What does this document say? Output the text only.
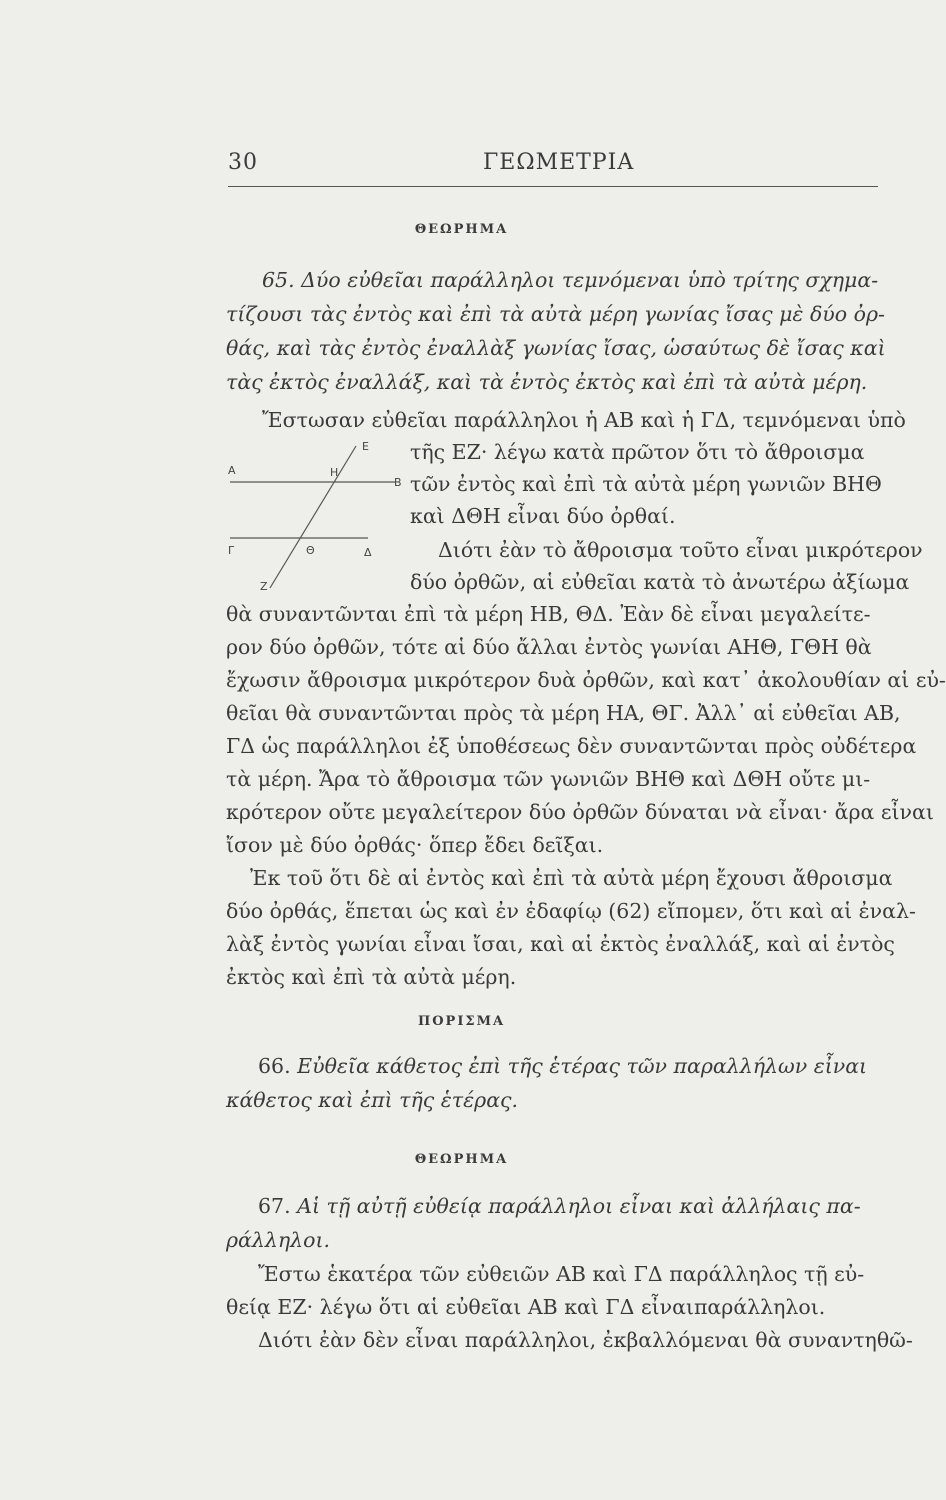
30	ΓΕΩΜΕΤΡΙΑ
ΘΕΩΡΗΜΑ
65. Δύο εὐθεῖαι παράλληλοι τεμνόμεναι ὑπὸ τρίτης σχημα-
τίζουσι τὰς ἐντὸς καὶ ἐπὶ τὰ αὐτὰ μέρη γωνίας ἴσας μὲ δύο ὀρ-
θάς, καὶ τὰς ἐντὸς ἐναλλὰξ γωνίας ἴσας, ὡσαύτως δὲ ἴσας καὶ
τὰς ἐκτὸς ἐναλλάξ, καὶ τὰ ἐντὸς ἐκτὸς καὶ ἐπὶ τὰ αὐτὰ μέρη.
Ἔστωσαν εὐθεῖαι παράλληλοι ἡ ΑΒ καὶ ἡ ΓΔ, τεμνόμεναι ὑπὸ
τῆς ΕΖ· λέγω κατὰ πρῶτον ὅτι τὸ ἄθροισμα
τῶν ἐντὸς καὶ ἐπὶ τὰ αὐτὰ μέρη γωνιῶν ΒΗΘ
καὶ ΔΘΗ εἶναι δύο ὀρθαί.
Διότι ἐὰν τὸ ἄθροισμα τοῦτο εἶναι μικρότερον
δύο ὀρθῶν, αἱ εὐθεῖαι κατὰ τὸ ἀνωτέρω ἀξίωμα
θὰ συναντῶνται ἐπὶ τὰ μέρη ΗΒ, ΘΔ. Ἐὰν δὲ εἶναι μεγαλείτε-
ρον δύο ὀρθῶν, τότε αἱ δύο ἄλλαι ἐντὸς γωνίαι ΑΗΘ, ΓΘΗ θὰ
ἔχωσιν ἄθροισμα μικρότερον δυὰ ὀρθῶν, καὶ κατ᾽ ἀκολουθίαν αἱ εὐ-
θεῖαι θὰ συναντῶνται πρὸς τὰ μέρη ΗΑ, ΘΓ. Ἀλλ᾽ αἱ εὐθεῖαι ΑΒ,
ΓΔ ὡς παράλληλοι ἐξ ὑποθέσεως δὲν συναντῶνται πρὸς οὐδέτερα
τὰ μέρη. Ἄρα τὸ ἄθροισμα τῶν γωνιῶν ΒΗΘ καὶ ΔΘΗ οὔτε μι-
κρότερον οὔτε μεγαλείτερον δύο ὀρθῶν δύναται νὰ εἶναι· ἄρα εἶναι
ἴσον μὲ δύο ὀρθάς· ὅπερ ἔδει δεῖξαι.
Ἐκ τοῦ ὅτι δὲ αἱ ἐντὸς καὶ ἐπὶ τὰ αὐτὰ μέρη ἔχουσι ἄθροισμα
δύο ὀρθάς, ἕπεται ὡς καὶ ἐν ἐδαφίῳ (62) εἴπομεν, ὅτι καὶ αἱ ἐναλ-
λὰξ ἐντὸς γωνίαι εἶναι ἴσαι, καὶ αἱ ἐκτὸς ἐναλλάξ, καὶ αἱ ἐντὸς
ἐκτὸς καὶ ἐπὶ τὰ αὐτὰ μέρη.
Α
Β
Η
Ε
Γ	Δ
Θ
Ζ
ΠΟΡΙΣΜΑ
66. Εὐθεῖα κάθετος ἐπὶ τῆς ἑτέρας τῶν παραλλήλων εἶναι
κάθετος καὶ ἐπὶ τῆς ἑτέρας.
ΘΕΩΡΗΜΑ
67. Αἱ τῇ αὐτῇ εὐθείᾳ παράλληλοι εἶναι καὶ ἀλλήλαις πα-
ράλληλοι.
Ἔστω ἑκατέρα τῶν εὐθειῶν ΑΒ καὶ ΓΔ παράλληλος τῇ εὐ-
θείᾳ ΕΖ· λέγω ὅτι αἱ εὐθεῖαι ΑΒ καὶ ΓΔ εἶναιπαράλληλοι.
Διότι ἐὰν δὲν εἶναι παράλληλοι, ἐκβαλλόμεναι θὰ συναντηθῶ-
